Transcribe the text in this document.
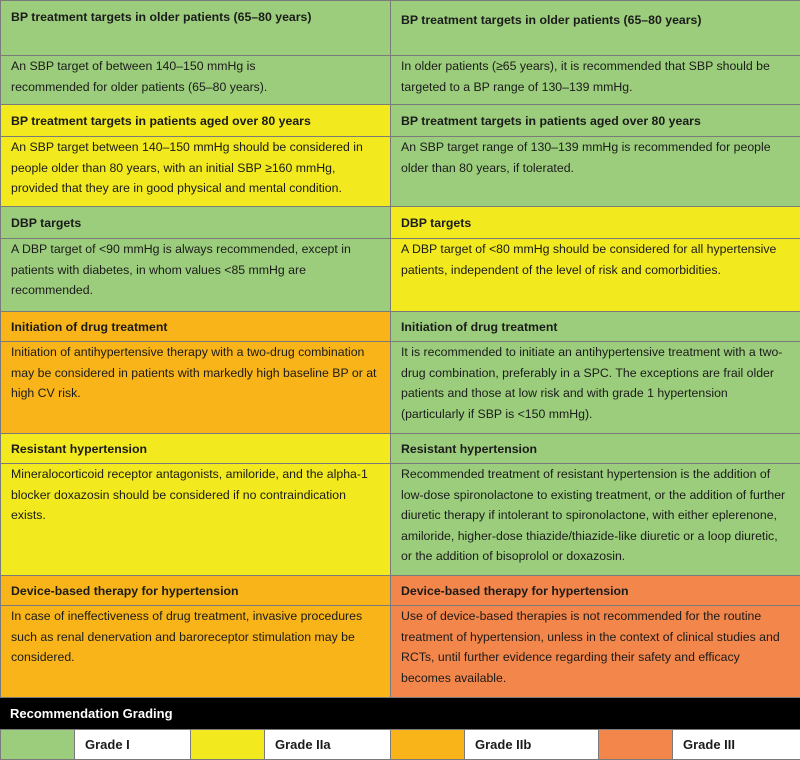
BP treatment targets in older patients (65–80 years)	BP treatment targets in older patients (65–80 years)
An SBP target of between 140–150 mmHg is recommended for older patients (65–80 years).	In older patients (≥65 years), it is recommended that SBP should be targeted to a BP range of 130–139 mmHg.
BP treatment targets in patients aged over 80 years	BP treatment targets in patients aged over 80 years
An SBP target between 140–150 mmHg should be considered in people older than 80 years, with an initial SBP ≥160 mmHg, provided that they are in good physical and mental condition.	An SBP target range of 130–139 mmHg is recommended for people older than 80 years, if tolerated.
DBP targets	DBP targets
A DBP target of <90 mmHg is always recommended, except in patients with diabetes, in whom values <85 mmHg are recommended.	A DBP target of <80 mmHg should be considered for all hypertensive patients, independent of the level of risk and comorbidities.
Initiation of drug treatment	Initiation of drug treatment
Initiation of antihypertensive therapy with a two-drug combination may be considered in patients with markedly high baseline BP or at high CV risk.	It is recommended to initiate an antihypertensive treatment with a two-drug combination, preferably in a SPC. The exceptions are frail older patients and those at low risk and with grade 1 hypertension (particularly if SBP is <150 mmHg).
Resistant hypertension	Resistant hypertension
Mineralocorticoid receptor antagonists, amiloride, and the alpha-1 blocker doxazosin should be considered if no contraindication exists.	Recommended treatment of resistant hypertension is the addition of low-dose spironolactone to existing treatment, or the addition of further diuretic therapy if intolerant to spironolactone, with either eplerenone, amiloride, higher-dose thiazide/thiazide-like diuretic or a loop diuretic, or the addition of bisoprolol or doxazosin.
Device-based therapy for hypertension	Device-based therapy for hypertension
In case of ineffectiveness of drug treatment, invasive procedures such as renal denervation and baroreceptor stimulation may be considered.	Use of device-based therapies is not recommended for the routine treatment of hypertension, unless in the context of clinical studies and RCTs, until further evidence regarding their safety and efficacy becomes available.
Recommendation Grading
	Grade I		Grade IIa		Grade IIb		Grade III
